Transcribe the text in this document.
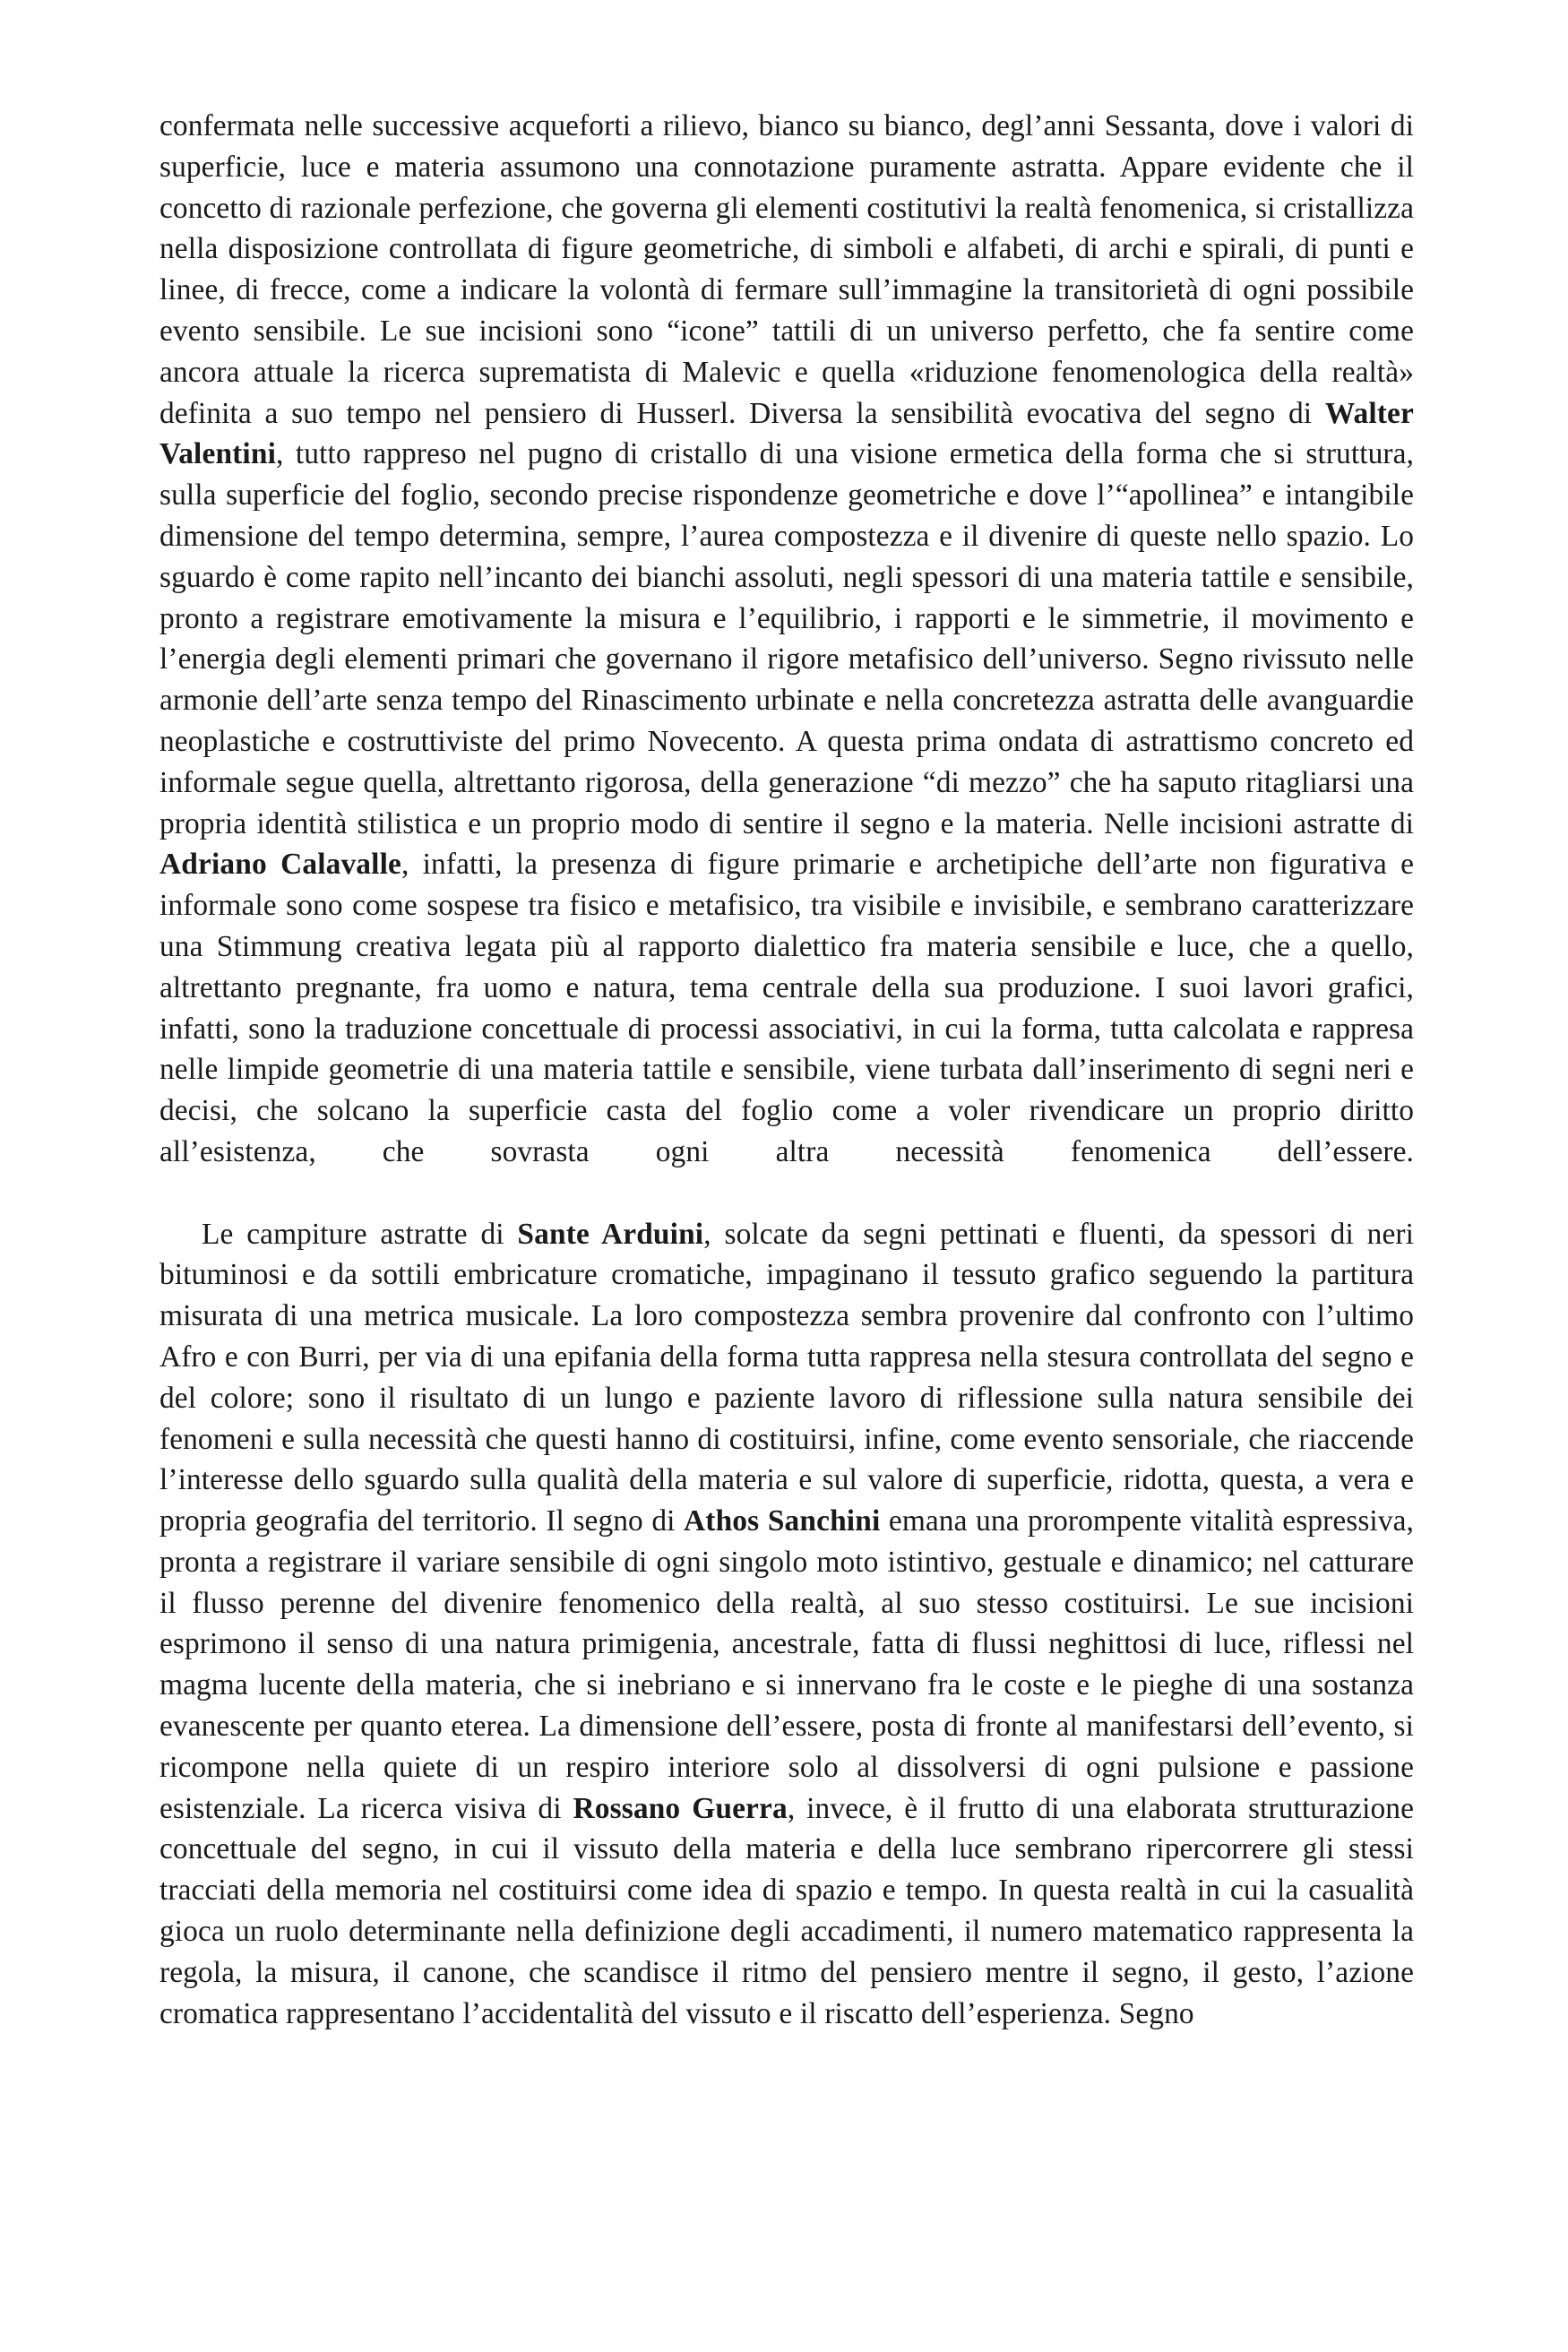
confermata nelle successive acqueforti a rilievo, bianco su bianco, degl’anni Sessanta, dove i valori di superficie, luce e materia assumono una connotazione puramente astratta. Appare evidente che il concetto di razionale perfezione, che governa gli elementi costitutivi la realtà fenomenica, si cristallizza nella disposizione controllata di figure geometriche, di simboli e alfabeti, di archi e spirali, di punti e linee, di frecce, come a indicare la volontà di fermare sull’immagine la transitorietà di ogni possibile evento sensibile. Le sue incisioni sono “icone” tattili di un universo perfetto, che fa sentire come ancora attuale la ricerca suprematista di Malevic e quella «riduzione fenomenologica della realtà» definita a suo tempo nel pensiero di Husserl. Diversa la sensibilità evocativa del segno di Walter Valentini, tutto rappreso nel pugno di cristallo di una visione ermetica della forma che si struttura, sulla superficie del foglio, secondo precise rispondenze geometriche e dove l’“apollinea” e intangibile dimensione del tempo determina, sempre, l’aurea compostezza e il divenire di queste nello spazio. Lo sguardo è come rapito nell’incanto dei bianchi assoluti, negli spessori di una materia tattile e sensibile, pronto a registrare emotivamente la misura e l’equilibrio, i rapporti e le simmetrie, il movimento e l’energia degli elementi primari che governano il rigore metafisico dell’universo. Segno rivissuto nelle armonie dell’arte senza tempo del Rinascimento urbinate e nella concretezza astratta delle avanguardie neoplastiche e costruttiviste del primo Novecento. A questa prima ondata di astrattismo concreto ed informale segue quella, altrettanto rigorosa, della generazione “di mezzo” che ha saputo ritagliarsi una propria identità stilistica e un proprio modo di sentire il segno e la materia. Nelle incisioni astratte di Adriano Calavalle, infatti, la presenza di figure primarie e archetipiche dell’arte non figurativa e informale sono come sospese tra fisico e metafisico, tra visibile e invisibile, e sembrano caratterizzare una Stimmung creativa legata più al rapporto dialettico fra materia sensibile e luce, che a quello, altrettanto pregnante, fra uomo e natura, tema centrale della sua produzione. I suoi lavori grafici, infatti, sono la traduzione concettuale di processi associativi, in cui la forma, tutta calcolata e rappresa nelle limpide geometrie di una materia tattile e sensibile, viene turbata dall’inserimento di segni neri e decisi, che solcano la superficie casta del foglio come a voler rivendicare un proprio diritto all’esistenza, che sovrasta ogni altra necessità fenomenica dell’essere.

Le campiture astratte di Sante Arduini, solcate da segni pettinati e fluenti, da spessori di neri bituminosi e da sottili embricature cromatiche, impaginano il tessuto grafico seguendo la partitura misurata di una metrica musicale. La loro compostezza sembra provenire dal confronto con l’ultimo Afro e con Burri, per via di una epifania della forma tutta rappresa nella stesura controllata del segno e del colore; sono il risultato di un lungo e paziente lavoro di riflessione sulla natura sensibile dei fenomeni e sulla necessità che questi hanno di costituirsi, infine, come evento sensoriale, che riaccende l’interesse dello sguardo sulla qualità della materia e sul valore di superficie, ridotta, questa, a vera e propria geografia del territorio. Il segno di Athos Sanchini emana una prorompente vitalità espressiva, pronta a registrare il variare sensibile di ogni singolo moto istintivo, gestuale e dinamico; nel catturare il flusso perenne del divenire fenomenico della realtà, al suo stesso costituirsi. Le sue incisioni esprimono il senso di una natura primigenia, ancestrale, fatta di flussi neghittosi di luce, riflessi nel magma lucente della materia, che si inebriano e si innervano fra le coste e le pieghe di una sostanza evanescente per quanto eterea. La dimensione dell’essere, posta di fronte al manifestarsi dell’evento, si ricompone nella quiete di un respiro interiore solo al dissolversi di ogni pulsione e passione esistenziale. La ricerca visiva di Rossano Guerra, invece, è il frutto di una elaborata strutturazione concettuale del segno, in cui il vissuto della materia e della luce sembrano ripercorrere gli stessi tracciati della memoria nel costituirsi come idea di spazio e tempo. In questa realtà in cui la casualità gioca un ruolo determinante nella definizione degli accadimenti, il numero matematico rappresenta la regola, la misura, il canone, che scandisce il ritmo del pensiero mentre il segno, il gesto, l’azione cromatica rappresentano l’accidentalità del vissuto e il riscatto dell’esperienza. Segno
